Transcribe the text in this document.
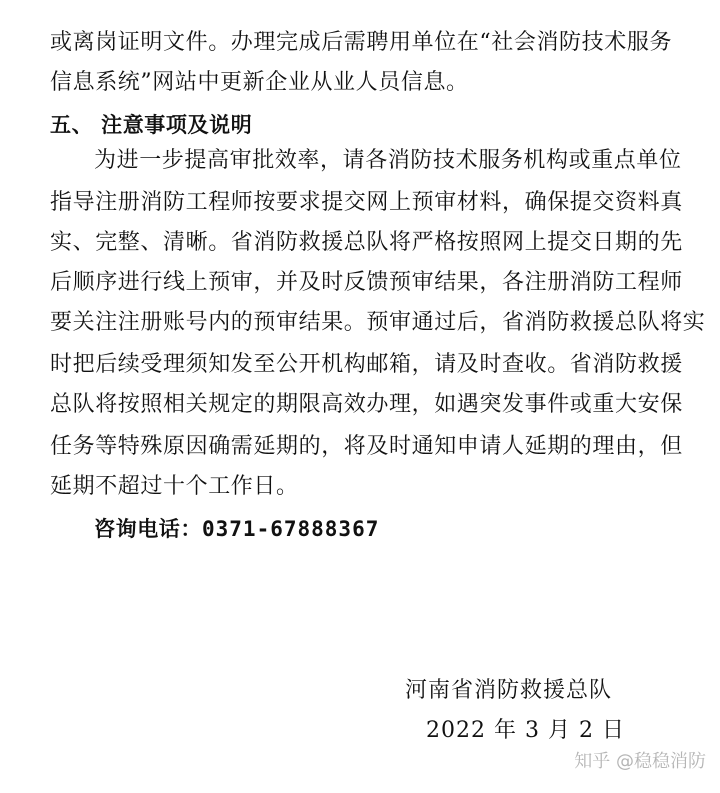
或离岗证明文件。办理完成后需聘用单位在“社会消防技术服务
信息系统”网站中更新企业从业人员信息。
五、 注意事项及说明
为进一步提高审批效率，请各消防技术服务机构或重点单位
指导注册消防工程师按要求提交网上预审材料，确保提交资料真
实、完整、清晰。省消防救援总队将严格按照网上提交日期的先
后顺序进行线上预审，并及时反馈预审结果，各注册消防工程师
要关注注册账号内的预审结果。预审通过后，省消防救援总队将实
时把后续受理须知发至公开机构邮箱，请及时查收。省消防救援
总队将按照相关规定的期限高效办理，如遇突发事件或重大安保
任务等特殊原因确需延期的，将及时通知申请人延期的理由，但
延期不超过十个工作日。
咨询电话：0371-67888367
河南省消防救援总队
2022 年 3 月 2 日
知乎 @稳稳消防
